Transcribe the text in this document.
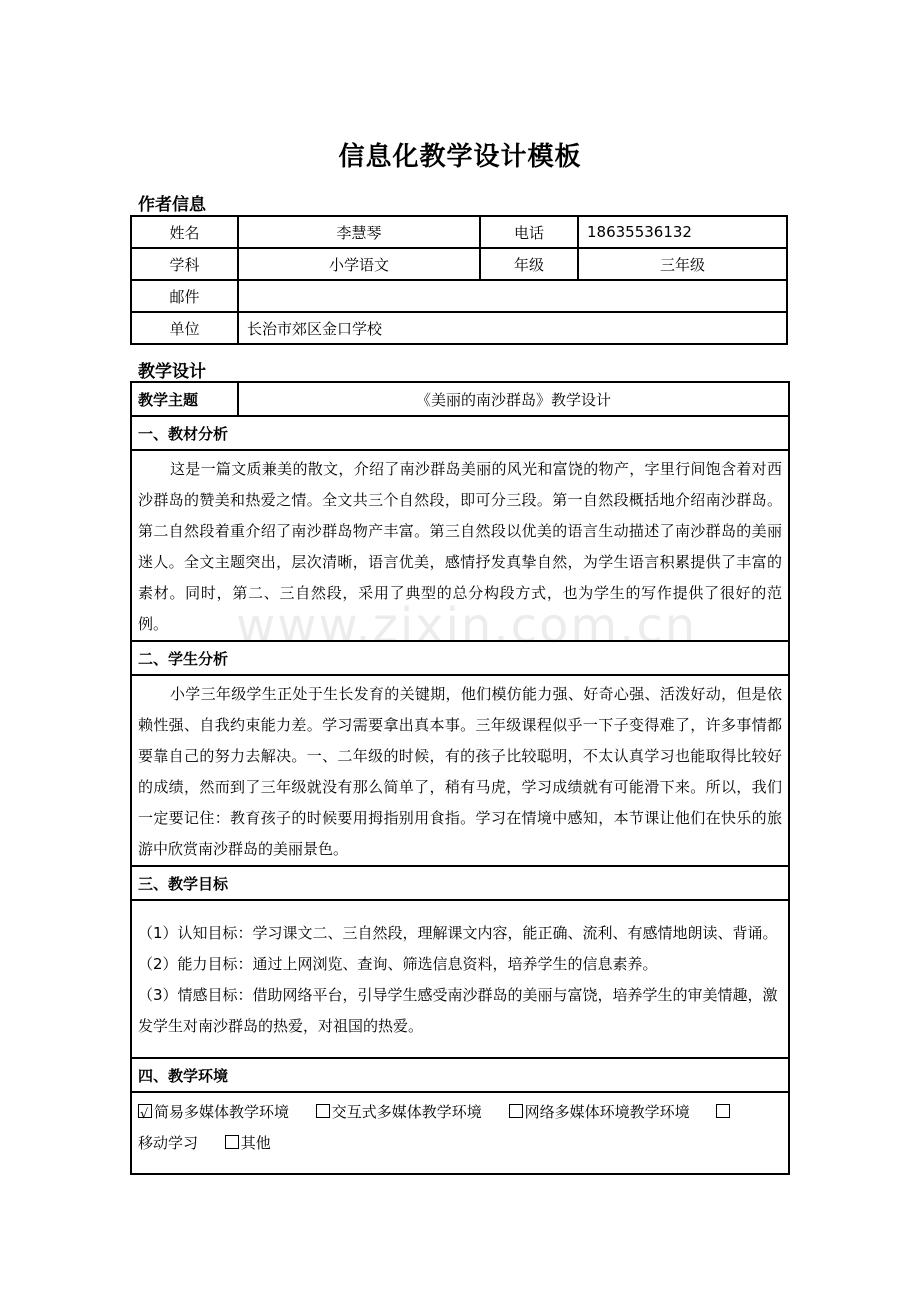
信息化教学设计模板
作者信息
姓名	李慧琴	电话	18635536132
学科	小学语文	年级	三年级
邮件			
单位	长治市郊区金口学校		
教学设计
教学主题	《美丽的南沙群岛》教学设计
一、教材分析
这是一篇文质兼美的散文，介绍了南沙群岛美丽的风光和富饶的物产，字里行间饱含着对西沙群岛的赞美和热爱之情。全文共三个自然段，即可分三段。第一自然段概括地介绍南沙群岛。第二自然段着重介绍了南沙群岛物产丰富。第三自然段以优美的语言生动描述了南沙群岛的美丽迷人。全文主题突出，层次清晰，语言优美，感情抒发真挚自然，为学生语言积累提供了丰富的素材。同时，第二、三自然段，采用了典型的总分构段方式，也为学生的写作提供了很好的范例。
二、学生分析
小学三年级学生正处于生长发育的关键期，他们模仿能力强、好奇心强、活泼好动，但是依赖性强、自我约束能力差。学习需要拿出真本事。三年级课程似乎一下子变得难了，许多事情都要靠自己的努力去解决。一、二年级的时候，有的孩子比较聪明，不太认真学习也能取得比较好的成绩，然而到了三年级就没有那么简单了，稍有马虎，学习成绩就有可能滑下来。所以，我们一定要记住：教育孩子的时候要用拇指别用食指。学习在情境中感知，本节课让他们在快乐的旅游中欣赏南沙群岛的美丽景色。
三、教学目标

（1）认知目标：学习课文二、三自然段，理解课文内容，能正确、流利、有感情地朗读、背诵。
（2）能力目标：通过上网浏览、查询、筛选信息资料，培养学生的信息素养。
（3）情感目标：借助网络平台，引导学生感受南沙群岛的美丽与富饶，培养学生的审美情趣，激发学生对南沙群岛的热爱，对祖国的热爱。

四、教学环境
√简易多媒体教学环境	交互式多媒体教学环境	网络多媒体环境教学环境
移动学习	其他
www.zixin.com.cn
